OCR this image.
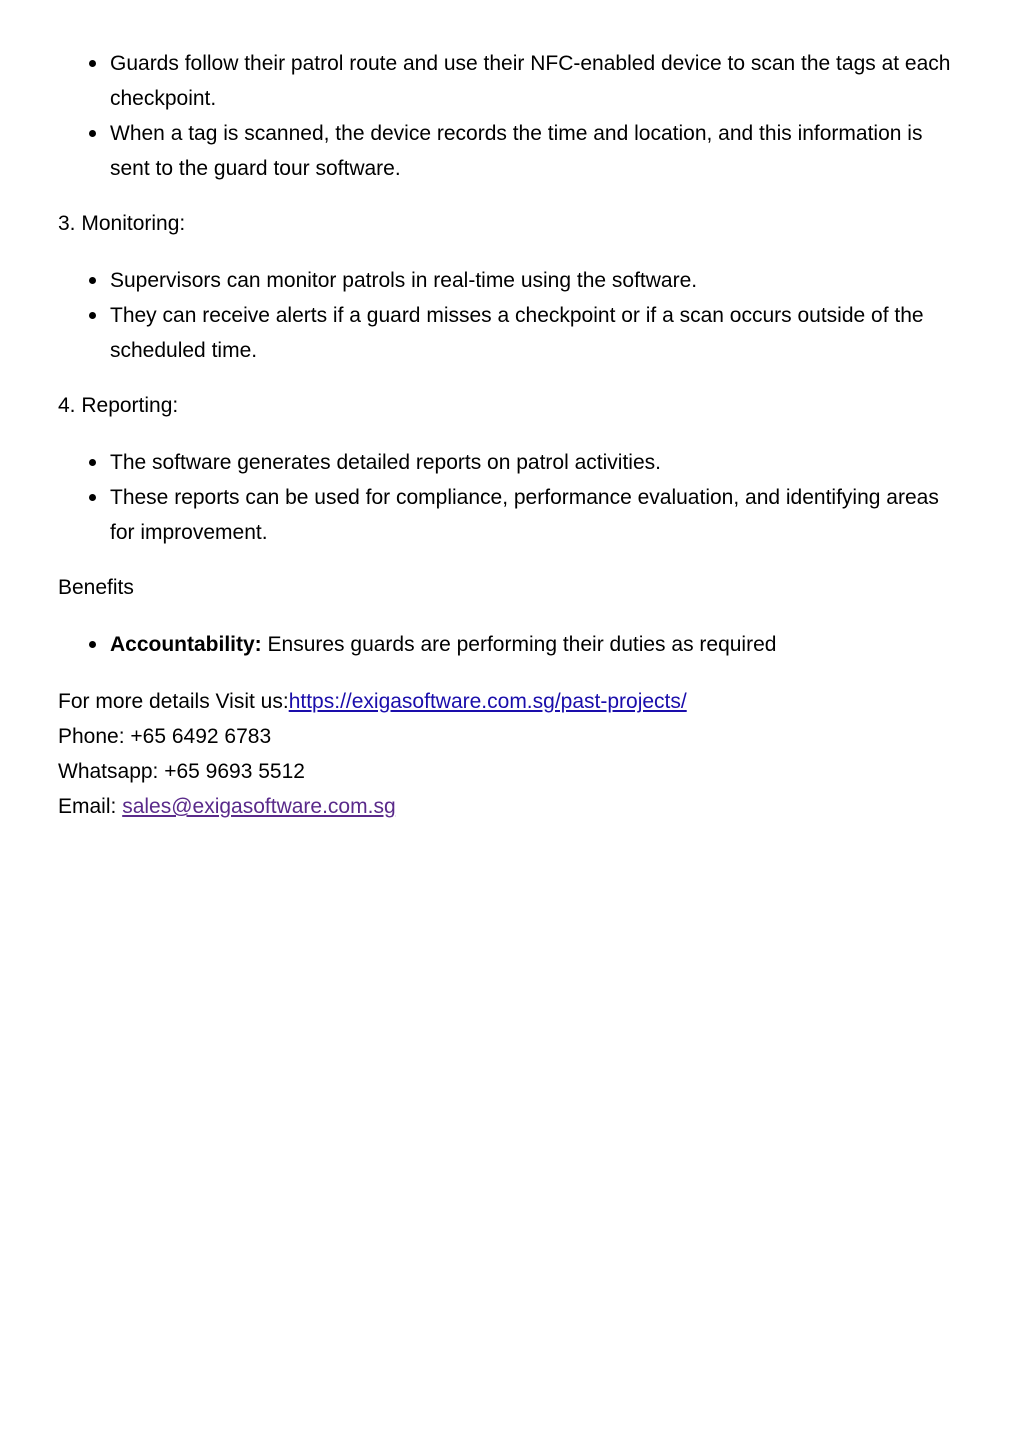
Guards follow their patrol route and use their NFC-enabled device to scan the tags at each checkpoint.
When a tag is scanned, the device records the time and location, and this information is sent to the guard tour software.
3. Monitoring:
Supervisors can monitor patrols in real-time using the software.
They can receive alerts if a guard misses a checkpoint or if a scan occurs outside of the scheduled time.
4. Reporting:
The software generates detailed reports on patrol activities.
These reports can be used for compliance, performance evaluation, and identifying areas for improvement.
Benefits
Accountability: Ensures guards are performing their duties as required
For more details Visit us:https://exigasoftware.com.sg/past-projects/
Phone: +65 6492 6783
Whatsapp: +65 9693 5512
Email: sales@exigasoftware.com.sg
